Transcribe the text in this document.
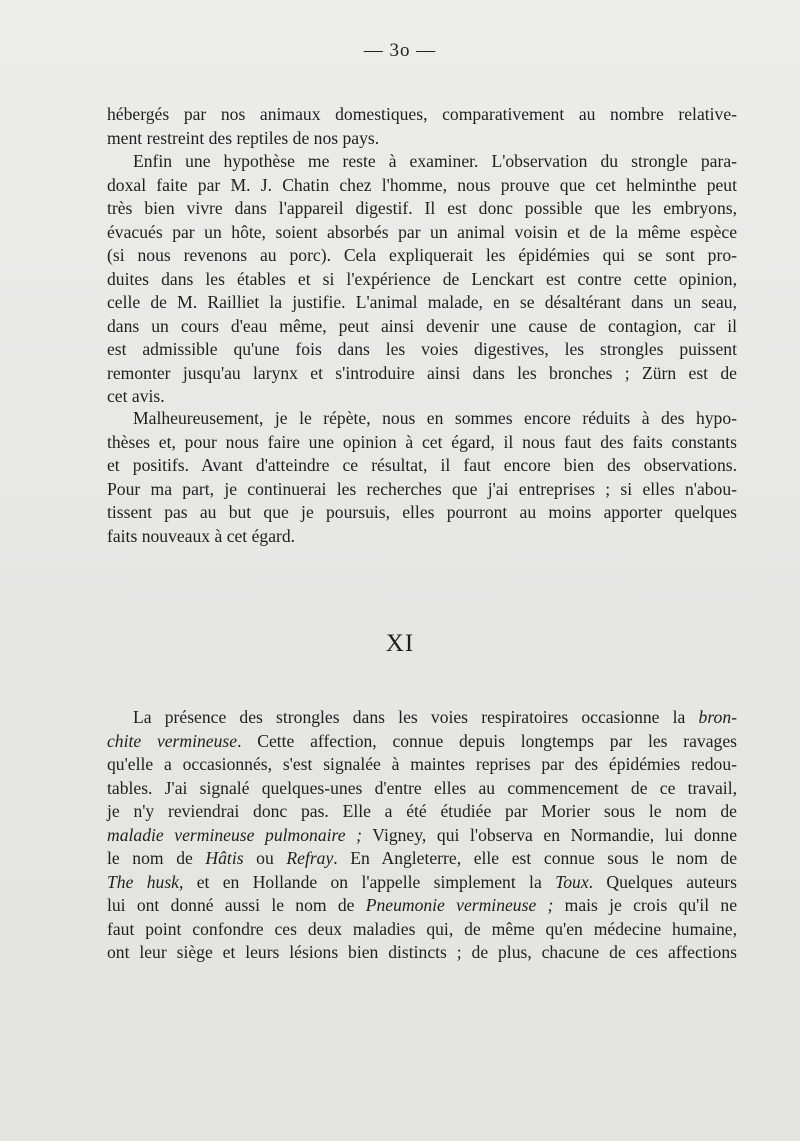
— 3o —
hébergés par nos animaux domestiques, comparativement au nombre relative-
ment restreint des reptiles de nos pays.
Enfin une hypothèse me reste à examiner. L'observation du strongle para-
doxal faite par M. J. Chatin chez l'homme, nous prouve que cet helminthe peut
très bien vivre dans l'appareil digestif. Il est donc possible que les embryons,
évacués par un hôte, soient absorbés par un animal voisin et de la même espèce
(si nous revenons au porc). Cela expliquerait les épidémies qui se sont pro-
duites dans les étables et si l'expérience de Lenckart est contre cette opinion,
celle de M. Railliet la justifie. L'animal malade, en se désaltérant dans un seau,
dans un cours d'eau même, peut ainsi devenir une cause de contagion, car il
est admissible qu'une fois dans les voies digestives, les strongles puissent
remonter jusqu'au larynx et s'introduire ainsi dans les bronches ; Zürn est de
cet avis.
Malheureusement, je le répète, nous en sommes encore réduits à des hypo-
thèses et, pour nous faire une opinion à cet égard, il nous faut des faits constants
et positifs. Avant d'atteindre ce résultat, il faut encore bien des observations.
Pour ma part, je continuerai les recherches que j'ai entreprises ; si elles n'abou-
tissent pas au but que je poursuis, elles pourront au moins apporter quelques
faits nouveaux à cet égard.
XI
La présence des strongles dans les voies respiratoires occasionne la bron-
chite vermineuse. Cette affection, connue depuis longtemps par les ravages
qu'elle a occasionnés, s'est signalée à maintes reprises par des épidémies redou-
tables. J'ai signalé quelques-unes d'entre elles au commencement de ce travail,
je n'y reviendrai donc pas. Elle a été étudiée par Morier sous le nom de
maladie vermineuse pulmonaire ; Vigney, qui l'observa en Normandie, lui donne
le nom de Hâtis ou Refray. En Angleterre, elle est connue sous le nom de
The husk, et en Hollande on l'appelle simplement la Toux. Quelques auteurs
lui ont donné aussi le nom de Pneumonie vermineuse ; mais je crois qu'il ne
faut point confondre ces deux maladies qui, de même qu'en médecine humaine,
ont leur siège et leurs lésions bien distincts ; de plus, chacune de ces affections
